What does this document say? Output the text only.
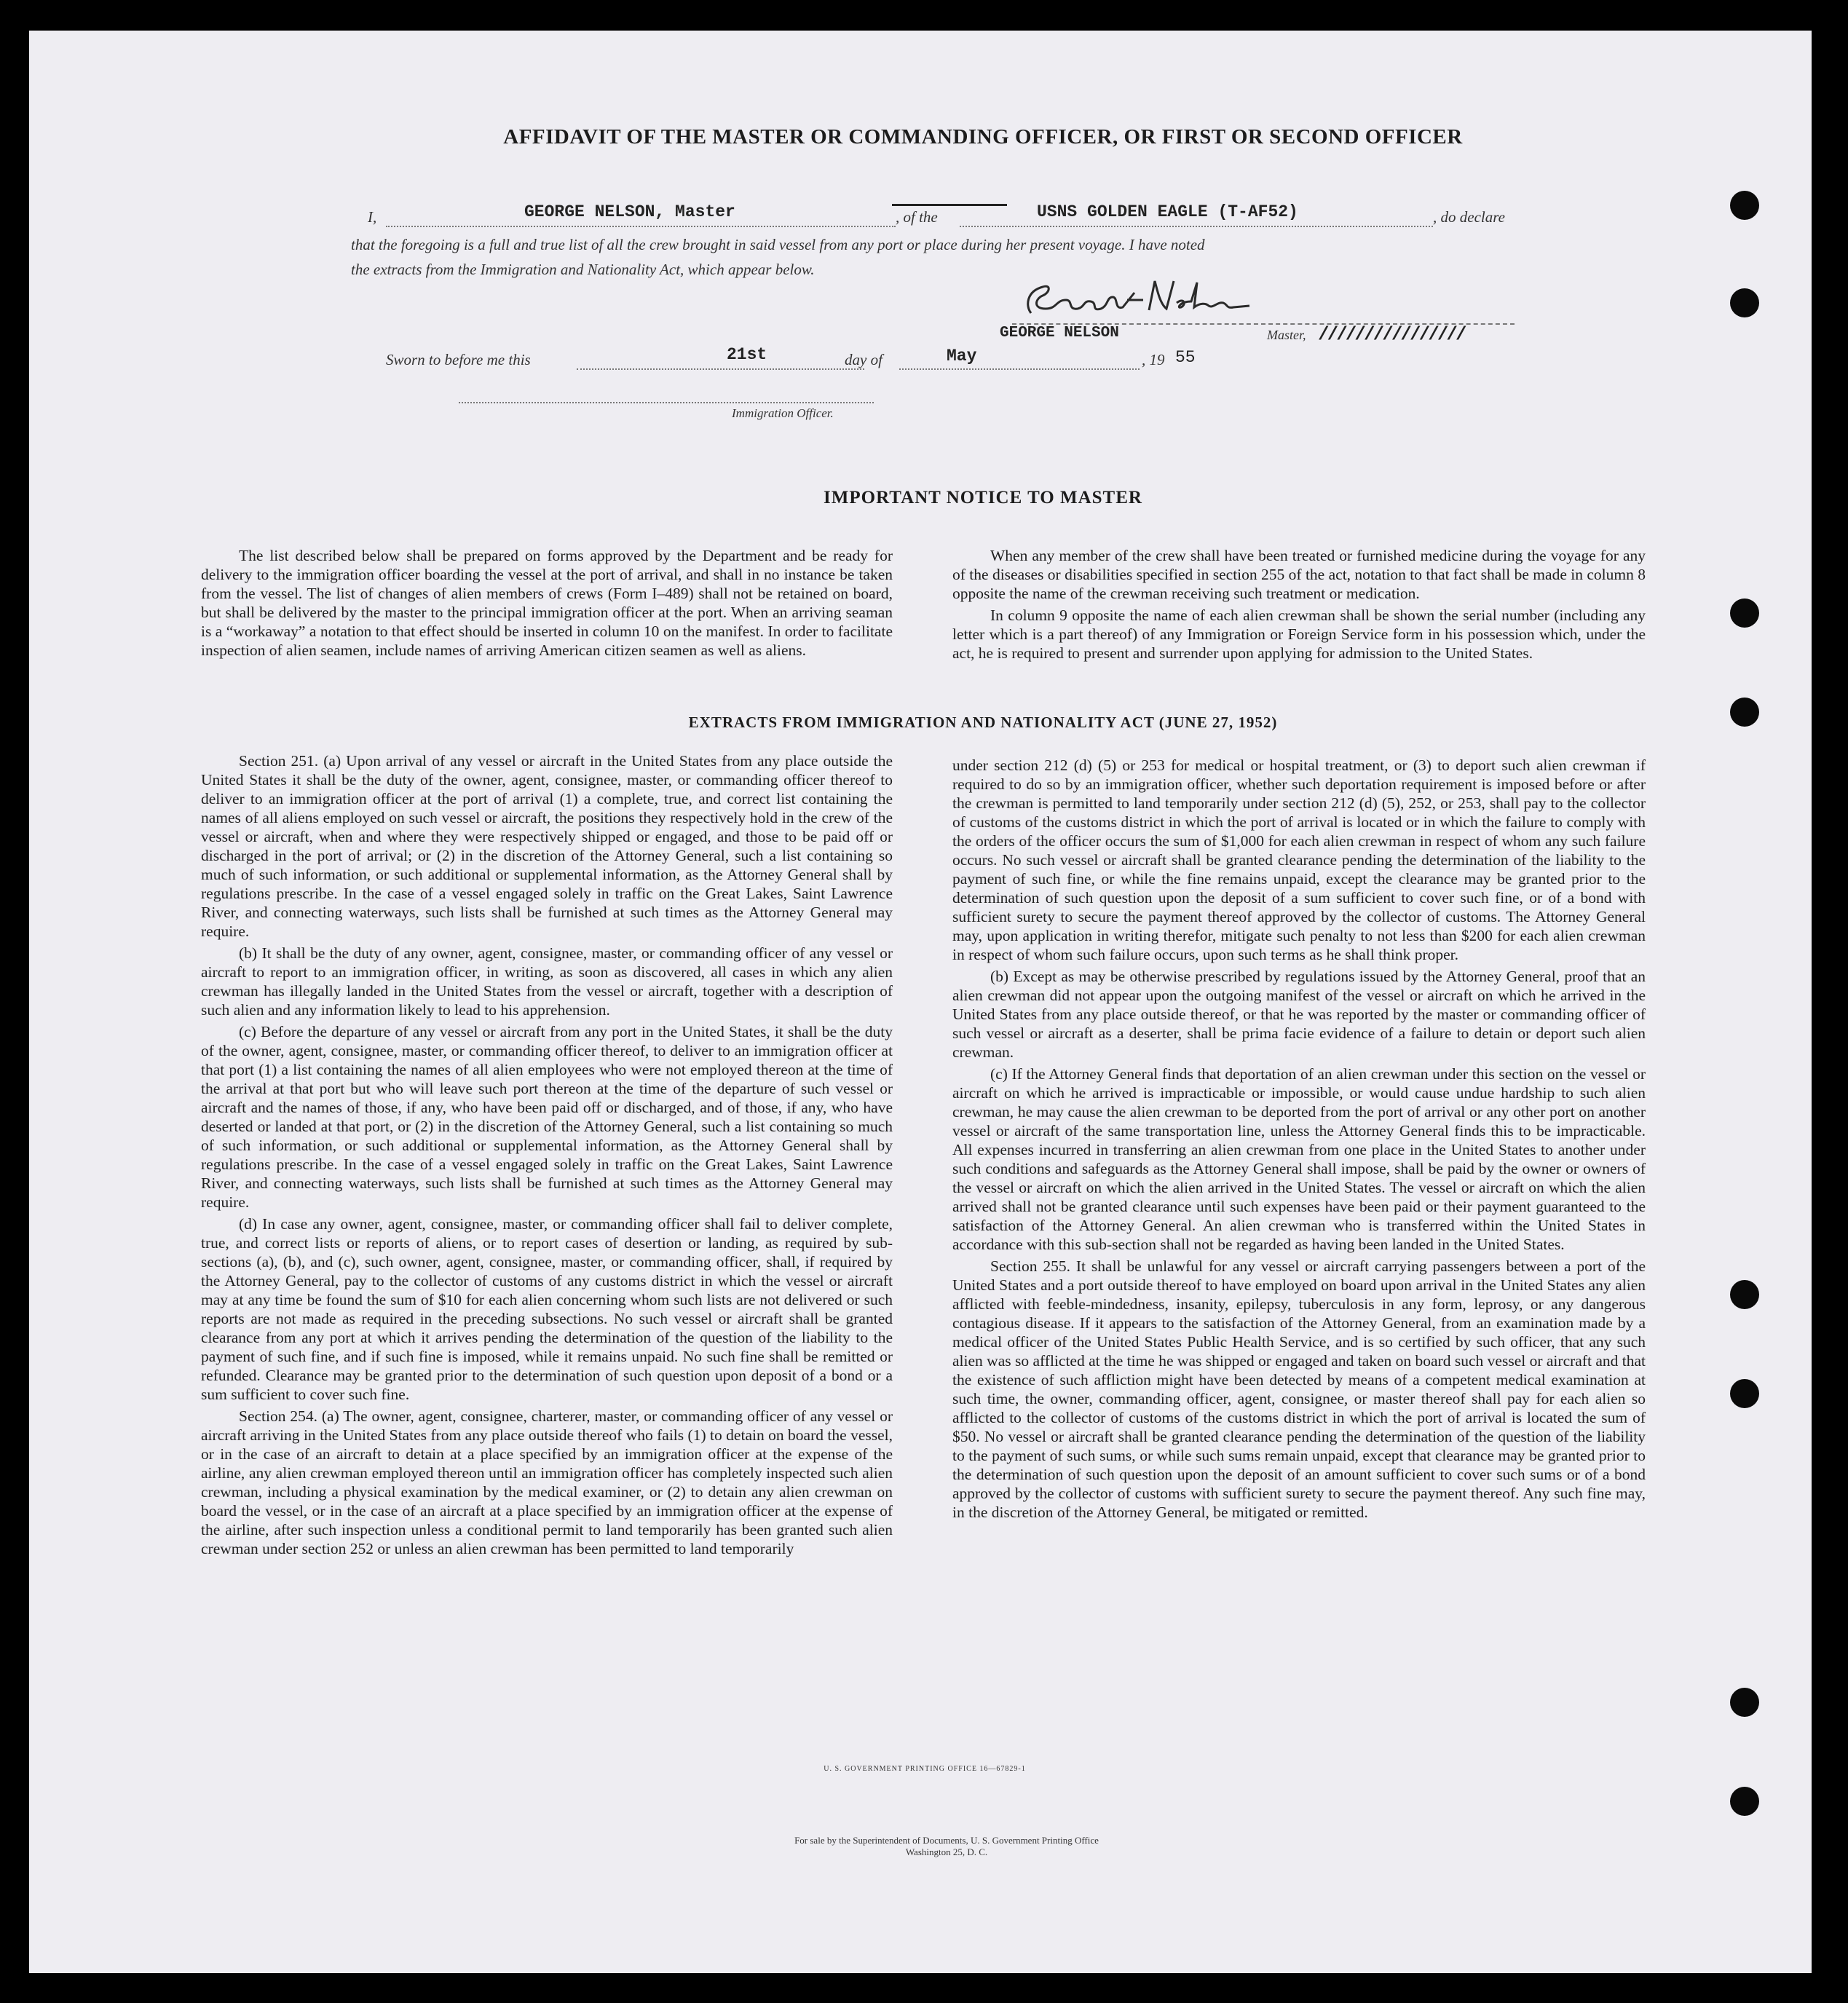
AFFIDAVIT OF THE MASTER OR COMMANDING OFFICER, OR FIRST OR SECOND OFFICER
I,	GEORGE NELSON, Master	, of the	USNS GOLDEN EAGLE (T-AF52)	, do declare
that the foregoing is a full and true list of all the crew brought in said vessel from any port or place during her present voyage. I have noted
the extracts from the Immigration and Nationality Act, which appear below.
GEORGE NELSON	Master, ////////////////
Sworn to before me this	21st	day of	May	, 19 55
Immigration Officer.
IMPORTANT NOTICE TO MASTER

The list described below shall be prepared on forms approved by the Department and be ready for delivery to the immigration officer boarding the vessel at the port of arrival, and shall in no instance be taken from the vessel. The list of changes of alien members of crews (Form I–489) shall not be retained on board, but shall be delivered by the master to the principal immigration officer at the port. When an arriving seaman is a “workaway” a notation to that effect should be inserted in column 10 on the manifest. In order to facilitate inspection of alien seamen, include names of arriving American citizen seamen as well as aliens.

When any member of the crew shall have been treated or furnished medicine during the voyage for any of the diseases or disabilities specified in section 255 of the act, notation to that fact shall be made in column 8 opposite the name of the crewman receiving such treatment or medication.

In column 9 opposite the name of each alien crewman shall be shown the serial number (including any letter which is a part thereof) of any Immigration or Foreign Service form in his possession which, under the act, he is required to present and surrender upon applying for admission to the United States.

EXTRACTS FROM IMMIGRATION AND NATIONALITY ACT (JUNE 27, 1952)

Section 251. (a) Upon arrival of any vessel or aircraft in the United States from any place outside the United States it shall be the duty of the owner, agent, consignee, master, or commanding officer thereof to deliver to an immigration officer at the port of arrival (1) a complete, true, and correct list containing the names of all aliens employed on such vessel or aircraft, the positions they respectively hold in the crew of the vessel or aircraft, when and where they were respectively shipped or engaged, and those to be paid off or discharged in the port of arrival; or (2) in the discretion of the Attorney General, such a list containing so much of such information, or such additional or supplemental information, as the Attorney General shall by regulations prescribe. In the case of a vessel engaged solely in traffic on the Great Lakes, Saint Lawrence River, and connecting waterways, such lists shall be furnished at such times as the Attorney General may require.

(b) It shall be the duty of any owner, agent, consignee, master, or commanding officer of any vessel or aircraft to report to an immigration officer, in writing, as soon as discovered, all cases in which any alien crewman has illegally landed in the United States from the vessel or aircraft, together with a description of such alien and any information likely to lead to his apprehension.

(c) Before the departure of any vessel or aircraft from any port in the United States, it shall be the duty of the owner, agent, consignee, master, or commanding officer thereof, to deliver to an immigration officer at that port (1) a list containing the names of all alien employees who were not employed thereon at the time of the arrival at that port but who will leave such port thereon at the time of the departure of such vessel or aircraft and the names of those, if any, who have been paid off or discharged, and of those, if any, who have deserted or landed at that port, or (2) in the discretion of the Attorney General, such a list containing so much of such information, or such additional or supplemental information, as the Attorney General shall by regulations prescribe. In the case of a vessel engaged solely in traffic on the Great Lakes, Saint Lawrence River, and connecting waterways, such lists shall be furnished at such times as the Attorney General may require.

(d) In case any owner, agent, consignee, master, or commanding officer shall fail to deliver complete, true, and correct lists or reports of aliens, or to report cases of desertion or landing, as required by sub-sections (a), (b), and (c), such owner, agent, consignee, master, or commanding officer, shall, if required by the Attorney General, pay to the collector of customs of any customs district in which the vessel or aircraft may at any time be found the sum of $10 for each alien concerning whom such lists are not delivered or such reports are not made as required in the preceding subsections. No such vessel or aircraft shall be granted clearance from any port at which it arrives pending the determination of the question of the liability to the payment of such fine, and if such fine is imposed, while it remains unpaid. No such fine shall be remitted or refunded. Clearance may be granted prior to the determination of such question upon deposit of a bond or a sum sufficient to cover such fine.

Section 254. (a) The owner, agent, consignee, charterer, master, or commanding officer of any vessel or aircraft arriving in the United States from any place outside thereof who fails (1) to detain on board the vessel, or in the case of an aircraft to detain at a place specified by an immigration officer at the expense of the airline, any alien crewman employed thereon until an immigration officer has completely inspected such alien crewman, including a physical examination by the medical examiner, or (2) to detain any alien crewman on board the vessel, or in the case of an aircraft at a place specified by an immigration officer at the expense of the airline, after such inspection unless a conditional permit to land temporarily has been granted such alien crewman under section 252 or unless an alien crewman has been permitted to land temporarily

under section 212 (d) (5) or 253 for medical or hospital treatment, or (3) to deport such alien crewman if required to do so by an immigration officer, whether such deportation requirement is imposed before or after the crewman is permitted to land temporarily under section 212 (d) (5), 252, or 253, shall pay to the collector of customs of the customs district in which the port of arrival is located or in which the failure to comply with the orders of the officer occurs the sum of $1,000 for each alien crewman in respect of whom any such failure occurs. No such vessel or aircraft shall be granted clearance pending the determination of the liability to the payment of such fine, or while the fine remains unpaid, except the clearance may be granted prior to the determination of such question upon the deposit of a sum sufficient to cover such fine, or of a bond with sufficient surety to secure the payment thereof approved by the collector of customs. The Attorney General may, upon application in writing therefor, mitigate such penalty to not less than $200 for each alien crewman in respect of whom such failure occurs, upon such terms as he shall think proper.

(b) Except as may be otherwise prescribed by regulations issued by the Attorney General, proof that an alien crewman did not appear upon the outgoing manifest of the vessel or aircraft on which he arrived in the United States from any place outside thereof, or that he was reported by the master or commanding officer of such vessel or aircraft as a deserter, shall be prima facie evidence of a failure to detain or deport such alien crewman.

(c) If the Attorney General finds that deportation of an alien crewman under this section on the vessel or aircraft on which he arrived is impracticable or impossible, or would cause undue hardship to such alien crewman, he may cause the alien crewman to be deported from the port of arrival or any other port on another vessel or aircraft of the same transportation line, unless the Attorney General finds this to be impracticable. All expenses incurred in transferring an alien crewman from one place in the United States to another under such conditions and safeguards as the Attorney General shall impose, shall be paid by the owner or owners of the vessel or aircraft on which the alien arrived in the United States. The vessel or aircraft on which the alien arrived shall not be granted clearance until such expenses have been paid or their payment guaranteed to the satisfaction of the Attorney General. An alien crewman who is transferred within the United States in accordance with this sub-section shall not be regarded as having been landed in the United States.

Section 255. It shall be unlawful for any vessel or aircraft carrying passengers between a port of the United States and a port outside thereof to have employed on board upon arrival in the United States any alien afflicted with feeble-mindedness, insanity, epilepsy, tuberculosis in any form, leprosy, or any dangerous contagious disease. If it appears to the satisfaction of the Attorney General, from an examination made by a medical officer of the United States Public Health Service, and is so certified by such officer, that any such alien was so afflicted at the time he was shipped or engaged and taken on board such vessel or aircraft and that the existence of such affliction might have been detected by means of a competent medical examination at such time, the owner, commanding officer, agent, consignee, or master thereof shall pay for each alien so afflicted to the collector of customs of the customs district in which the port of arrival is located the sum of $50. No vessel or aircraft shall be granted clearance pending the determination of the question of the liability to the payment of such sums, or while such sums remain unpaid, except that clearance may be granted prior to the determination of such question upon the deposit of an amount sufficient to cover such sums or of a bond approved by the collector of customs with sufficient surety to secure the payment thereof. Any such fine may, in the discretion of the Attorney General, be mitigated or remitted.

U. S. GOVERNMENT PRINTING OFFICE 16—67829-1
For sale by the Superintendent of Documents, U. S. Government Printing Office
Washington 25, D. C.
